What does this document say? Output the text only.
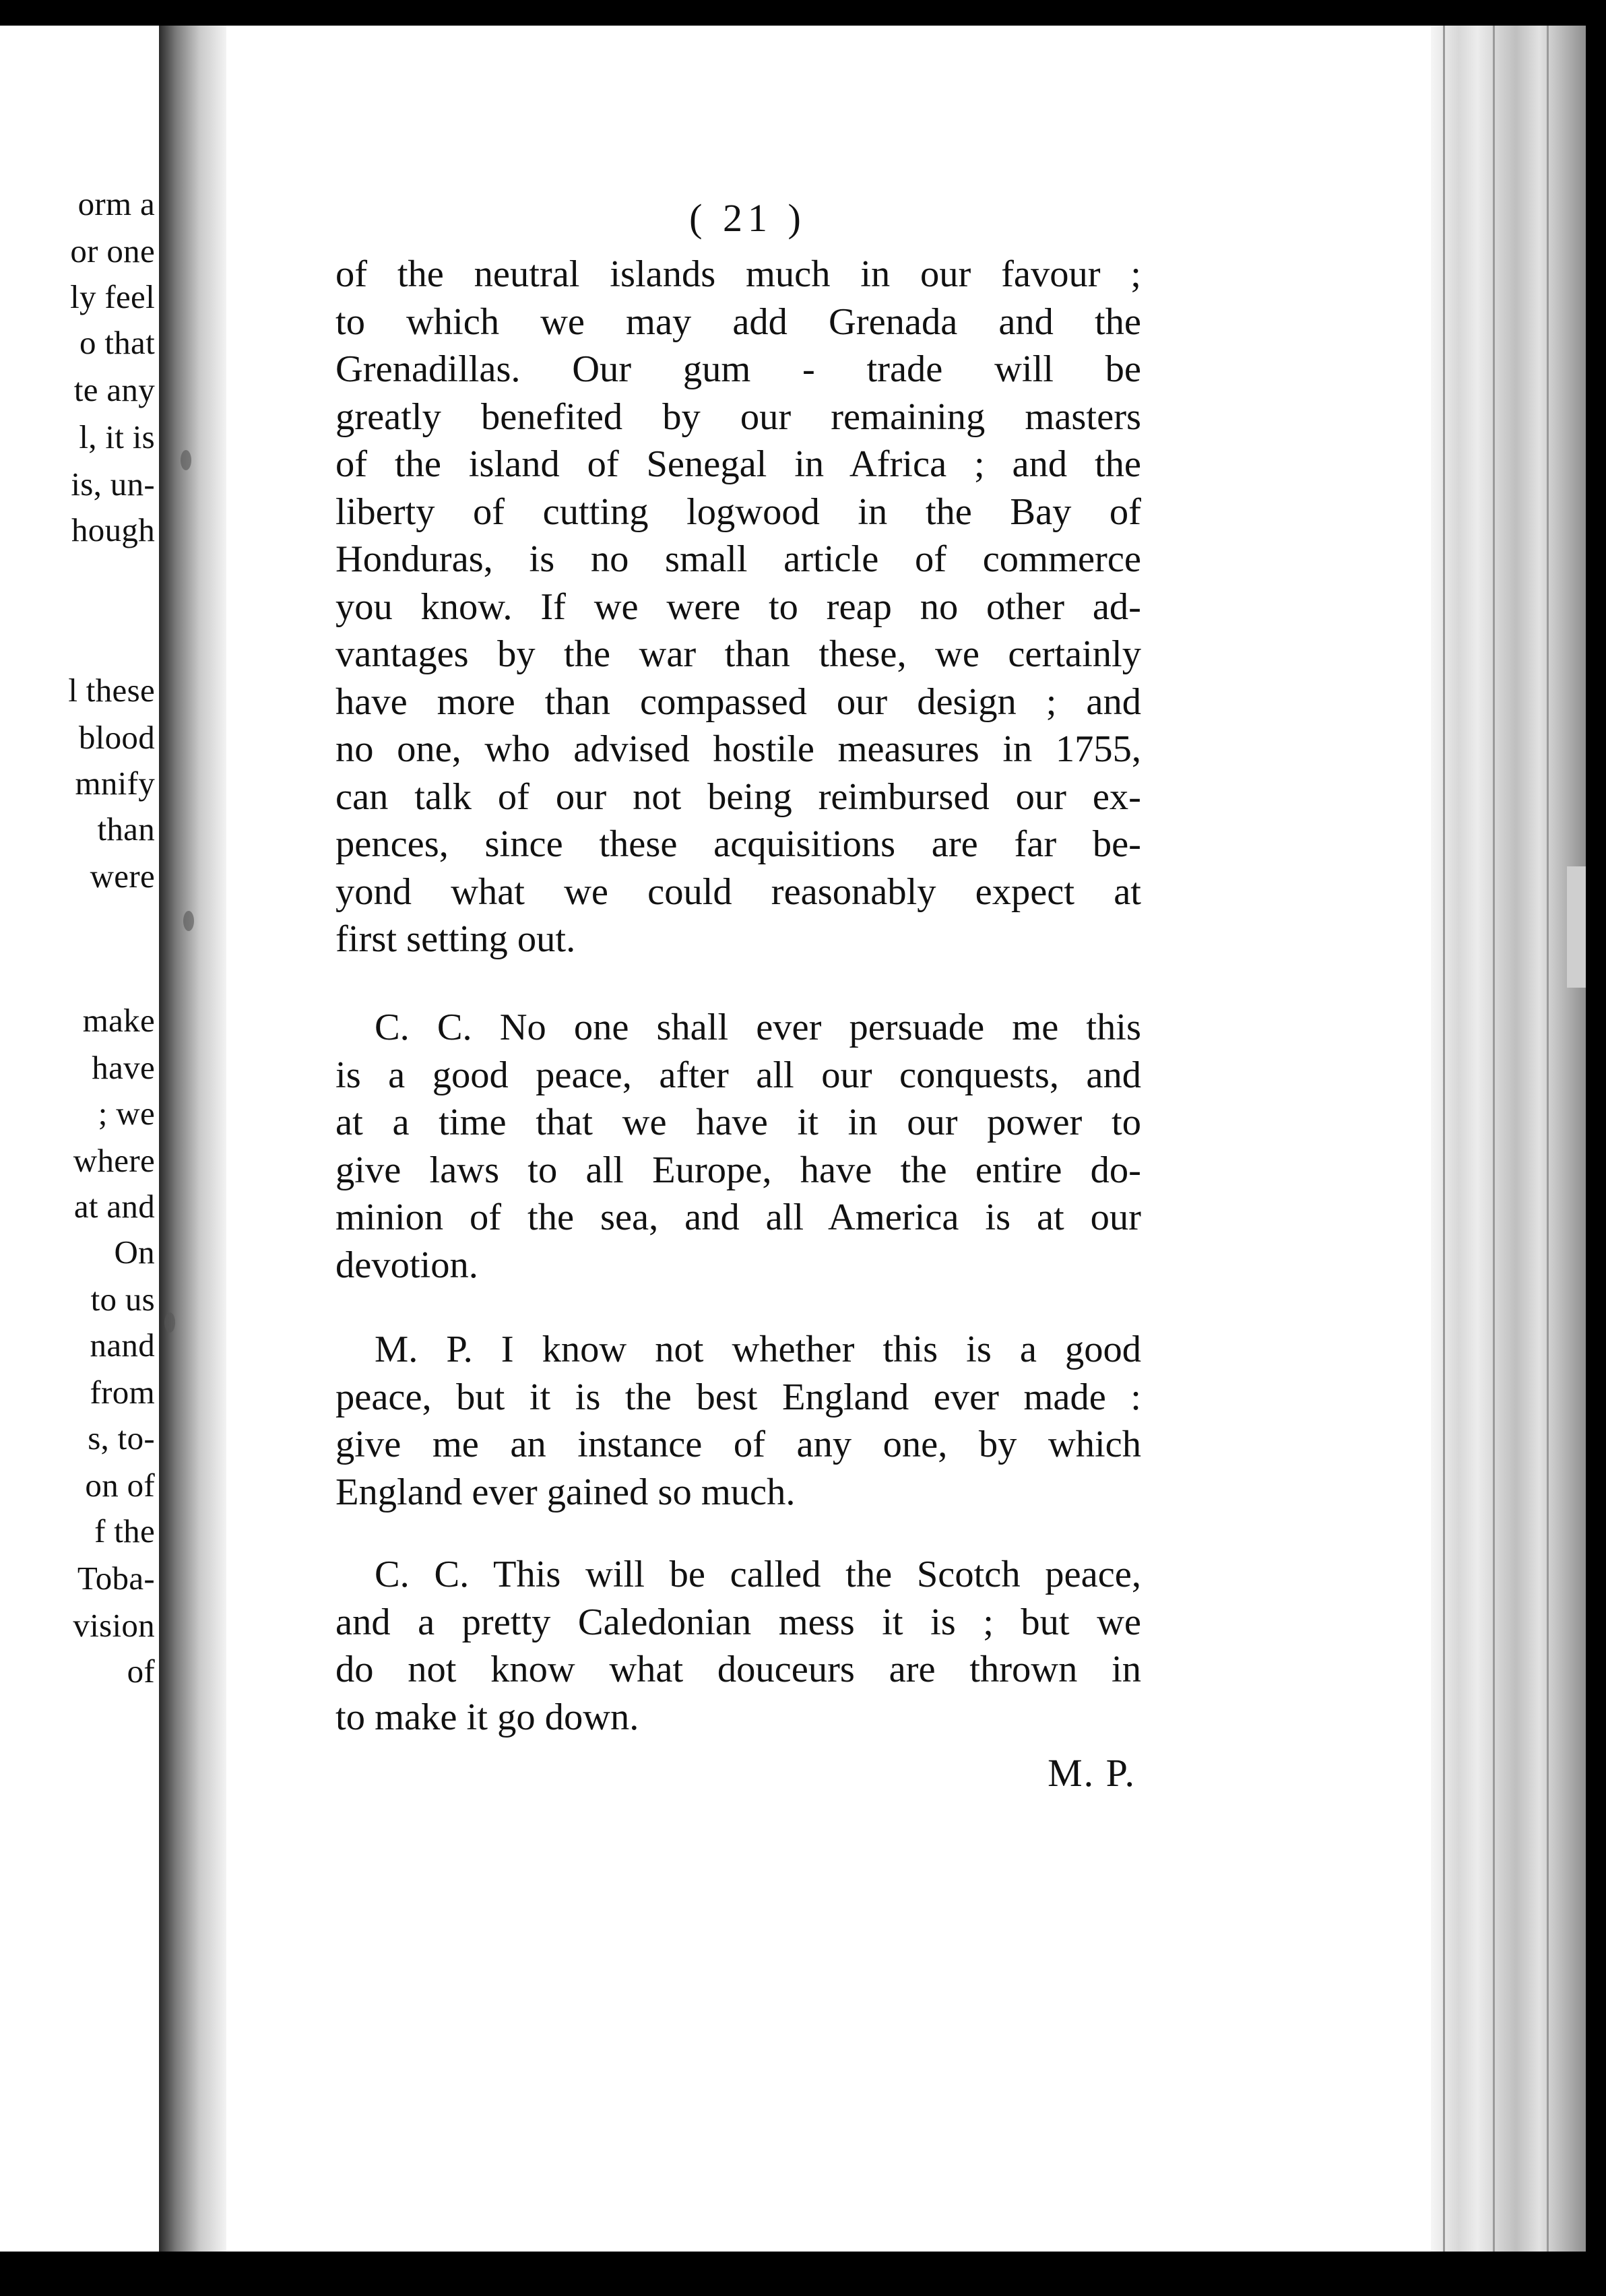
orm a
or one
ly feel
o that
te any
l, it is
is, un-
hough
l these
blood
mnify
than
were
make
have
; we
where
at and
On
to us
nand
from
s, to-
on of
f the
Toba-
vision
of
( 21 )
of the neutral islands much in our favour ;
to which we may add Grenada and the
Grenadillas. Our gum - trade will be
greatly benefited by our remaining masters
of the island of Senegal in Africa ; and the
liberty of cutting logwood in the Bay of
Honduras, is no small article of commerce
you know. If we were to reap no other ad-
vantages by the war than these, we certainly
have more than compassed our design ; and
no one, who advised hostile measures in 1755,
can talk of our not being reimbursed our ex-
pences, since these acquisitions are far be-
yond what we could reasonably expect at
first setting out.
C. C. No one shall ever persuade me this
is a good peace, after all our conquests, and
at a time that we have it in our power to
give laws to all Europe, have the entire do-
minion of the sea, and all America is at our
devotion.
M. P. I know not whether this is a good
peace, but it is the best England ever made :
give me an instance of any one, by which
England ever gained so much.
C. C. This will be called the Scotch peace,
and a pretty Caledonian mess it is ; but we
do not know what douceurs are thrown in
to make it go down.
M. P.
